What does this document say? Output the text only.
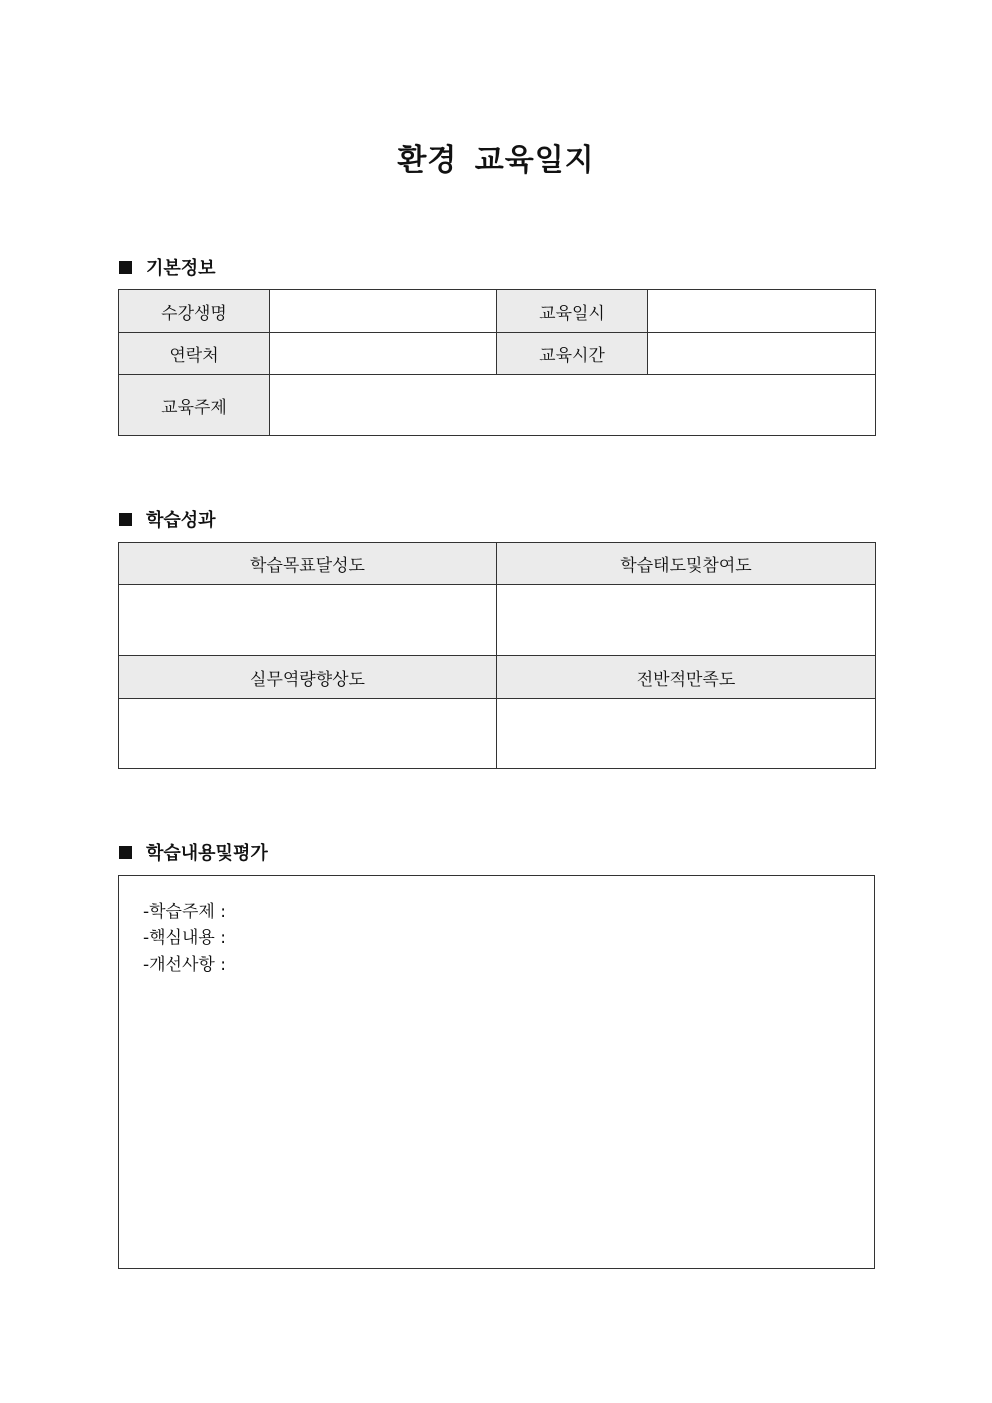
환경 교육일지
기본정보
수강생명		교육일시	
연락처		교육시간	
교육주제			
학습성과
학습목표달성도	학습태도및참여도

실무역량향상도	전반적만족도

학습내용및평가
-학습주제 :
-핵심내용 :
-개선사항 :
